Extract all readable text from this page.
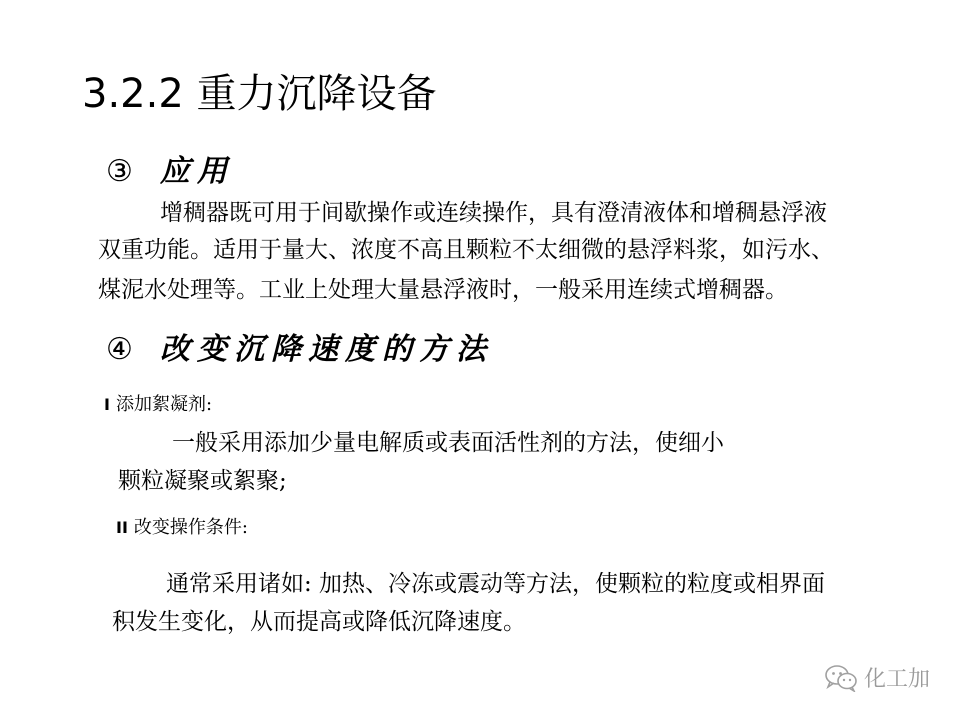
3.2.2 重力沉降设备
③ 应用
增稠器既可用于间歇操作或连续操作，具有澄清液体和增稠悬浮液
双重功能。适用于量大、浓度不高且颗粒不太细微的悬浮料浆，如污水、
煤泥水处理等。工业上处理大量悬浮液时，一般采用连续式增稠器。
④ 改变沉降速度的方法
I 添加絮凝剂:
一般采用添加少量电解质或表面活性剂的方法，使细小
颗粒凝聚或絮聚;
II 改变操作条件:
通常采用诸如: 加热、冷冻或震动等方法，使颗粒的粒度或相界面
积发生变化，从而提高或降低沉降速度。
化工加
